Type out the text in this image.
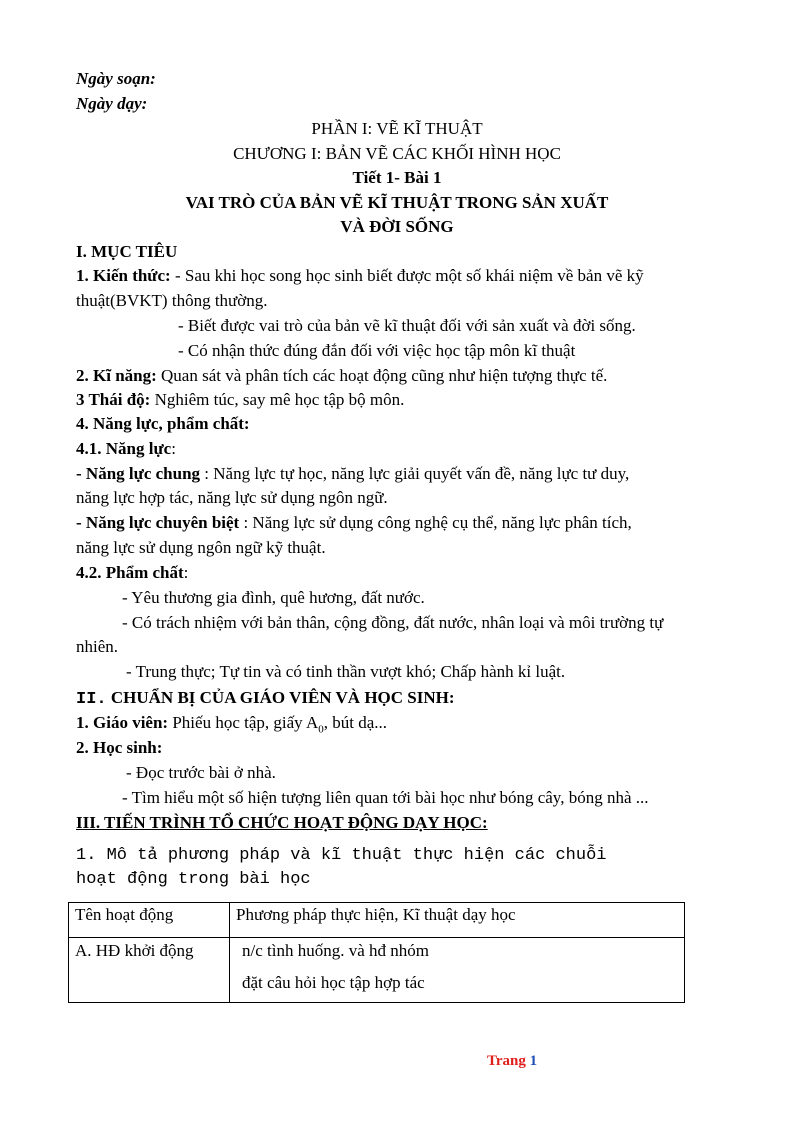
Ngày soạn:
Ngày dạy:
PHẦN I: VẼ KĨ THUẬT
CHƯƠNG I: BẢN VẼ CÁC KHỐI HÌNH HỌC
Tiết 1- Bài 1
VAI TRÒ CỦA BẢN VẼ KĨ THUẬT TRONG SẢN XUẤT
VÀ ĐỜI SỐNG
I. MỤC TIÊU
1. Kiến thức: - Sau khi học song học sinh biết được một số khái niệm về bản vẽ kỹ
thuật(BVKT) thông thường.
- Biết được vai trò của bản vẽ kĩ thuật đối với sản xuất và đời sống.
- Có nhận thức đúng đắn đối với việc học tập môn kĩ thuật
2. Kĩ năng: Quan sát và phân tích các hoạt động cũng như hiện tượng thực tế.
3 Thái độ: Nghiêm túc, say mê học tập bộ môn.
4. Năng lực, phẩm chất:
4.1. Năng lực:
- Năng lực chung : Năng lực tự học, năng lực giải quyết vấn đề, năng lực tư duy,
năng lực hợp tác, năng lực sử dụng ngôn ngữ.
- Năng lực chuyên biệt : Năng lực sử dụng công nghệ cụ thể, năng lực phân tích,
năng lực sử dụng ngôn ngữ kỹ thuật.
4.2. Phẩm chất:
- Yêu thương gia đình, quê hương, đất nước.
- Có trách nhiệm với bản thân, cộng đồng, đất nước, nhân loại và môi trường tự
nhiên.
- Trung thực; Tự tin và có tinh thần vượt khó; Chấp hành kỉ luật.
II. CHUẨN BỊ CỦA GIÁO VIÊN VÀ HỌC SINH:
1. Giáo viên: Phiếu học tập, giấy $A_0$, bút dạ...
2. Học sinh:
- Đọc trước bài ở nhà.
- Tìm hiểu một số hiện tượng liên quan tới bài học như bóng cây, bóng nhà ...
III. TIẾN TRÌNH TỔ CHỨC HOẠT ĐỘNG DẠY HỌC:
1. Mô tả phương pháp và kĩ thuật thực hiện các chuỗi
hoạt động trong bài học
Tên hoạt động	Phương pháp thực hiện, Kĩ thuật dạy học
A. HĐ khởi động	n/c tình huống. và hđ nhóm
đặt câu hỏi học tập hợp tác
Trang 1
